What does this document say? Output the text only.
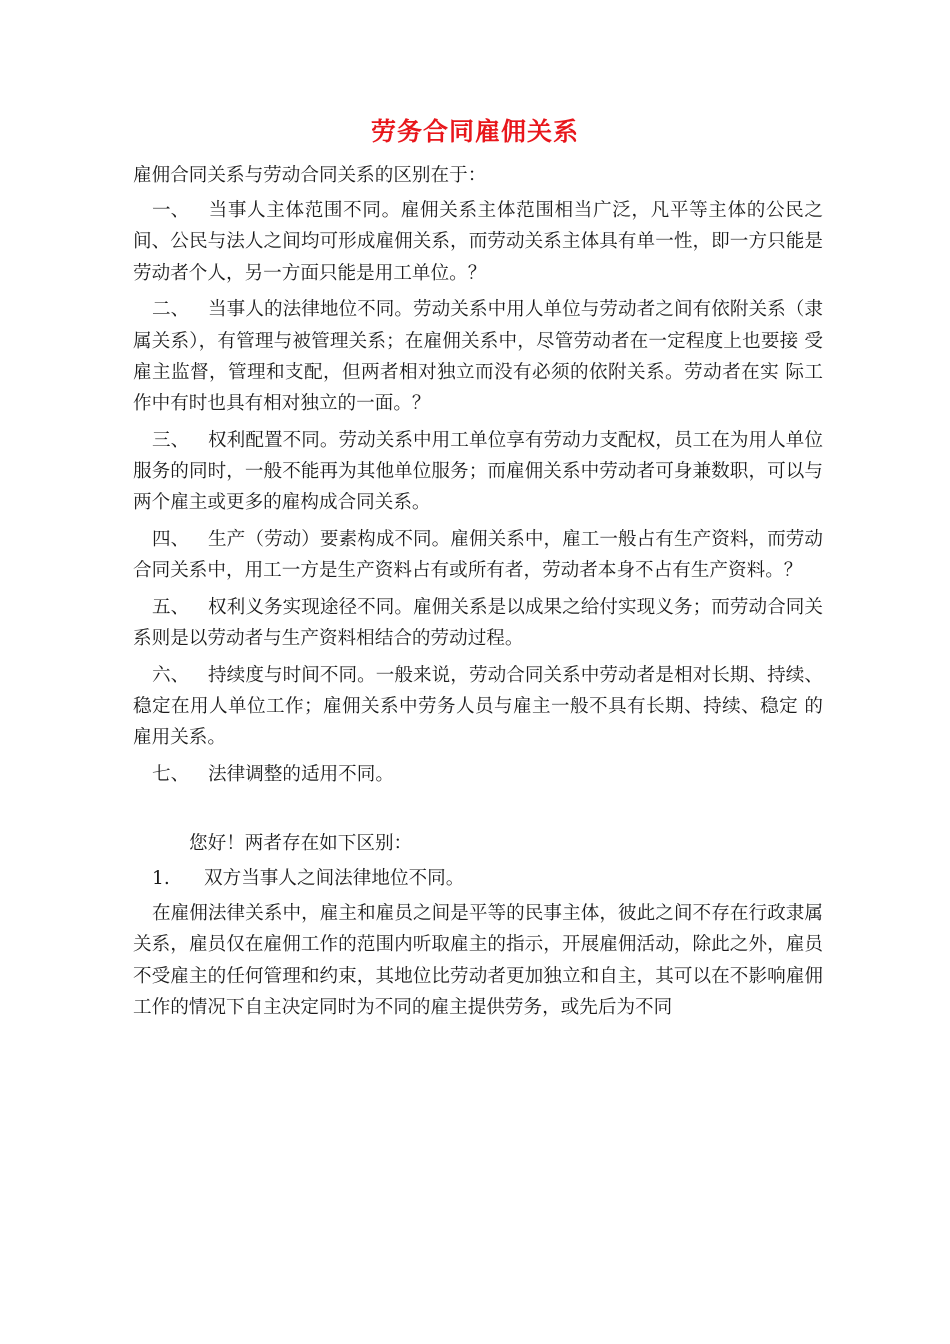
劳务合同雇佣关系

雇佣合同关系与劳动合同关系的区别在于：

一、 当事人主体范围不同。雇佣关系主体范围相当广泛，凡平等主体的公民之间、公民与法人之间均可形成雇佣关系，而劳动关系主体具有单一性，即一方只能是劳动者个人，另一方面只能是用工单位。？

二、 当事人的法律地位不同。劳动关系中用人单位与劳动者之间有依附关系（隶 属关系），有管理与被管理关系；在雇佣关系中，尽管劳动者在一定程度上也要接 受雇主监督，管理和支配，但两者相对独立而没有必须的依附关系。劳动者在实 际工作中有时也具有相对独立的一面。？

三、 权利配置不同。劳动关系中用工单位享有劳动力支配权，员工在为用人单位服务的同时，一般不能再为其他单位服务；而雇佣关系中劳动者可身兼数职，可以与两个雇主或更多的雇构成合同关系。

四、 生产（劳动）要素构成不同。雇佣关系中，雇工一般占有生产资料，而劳动合同关系中，用工一方是生产资料占有或所有者，劳动者本身不占有生产资料。？

五、 权利义务实现途径不同。雇佣关系是以成果之给付实现义务；而劳动合同关系则是以劳动者与生产资料相结合的劳动过程。

六、 持续度与时间不同。一般来说，劳动合同关系中劳动者是相对长期、持续、 稳定在用人单位工作；雇佣关系中劳务人员与雇主一般不具有长期、持续、稳定 的雇用关系。

七、 法律调整的适用不同。

您好！两者存在如下区别：

1. 双方当事人之间法律地位不同。

在雇佣法律关系中，雇主和雇员之间是平等的民事主体，彼此之间不存在行政隶属关系，雇员仅在雇佣工作的范围内听取雇主的指示，开展雇佣活动，除此之外，雇员不受雇主的任何管理和约束，其地位比劳动者更加独立和自主，其可以在不影响雇佣工作的情况下自主决定同时为不同的雇主提供劳务，或先后为不同
